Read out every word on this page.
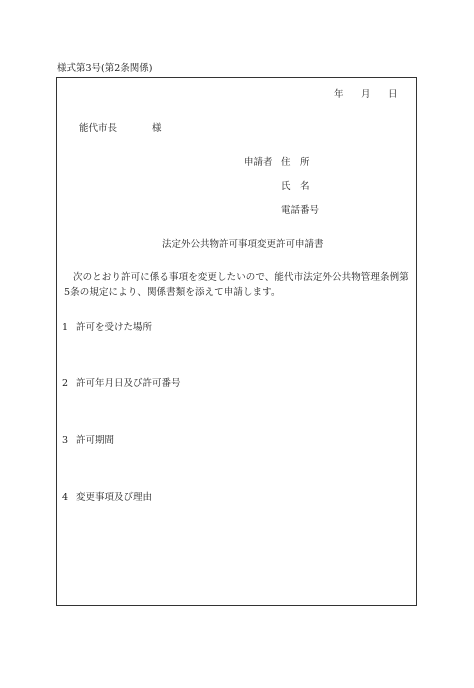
様式第3号(第2条関係)
年 月 日
能代市長	様
申請者 住　所
氏　名
電話番号
法定外公共物許可事項変更許可申請書
次のとおり許可に係る事項を変更したいので、能代市法定外公共物管理条例第5条の規定により、関係書類を添えて申請します。
1 許可を受けた場所
2 許可年月日及び許可番号
3 許可期間
4 変更事項及び理由
